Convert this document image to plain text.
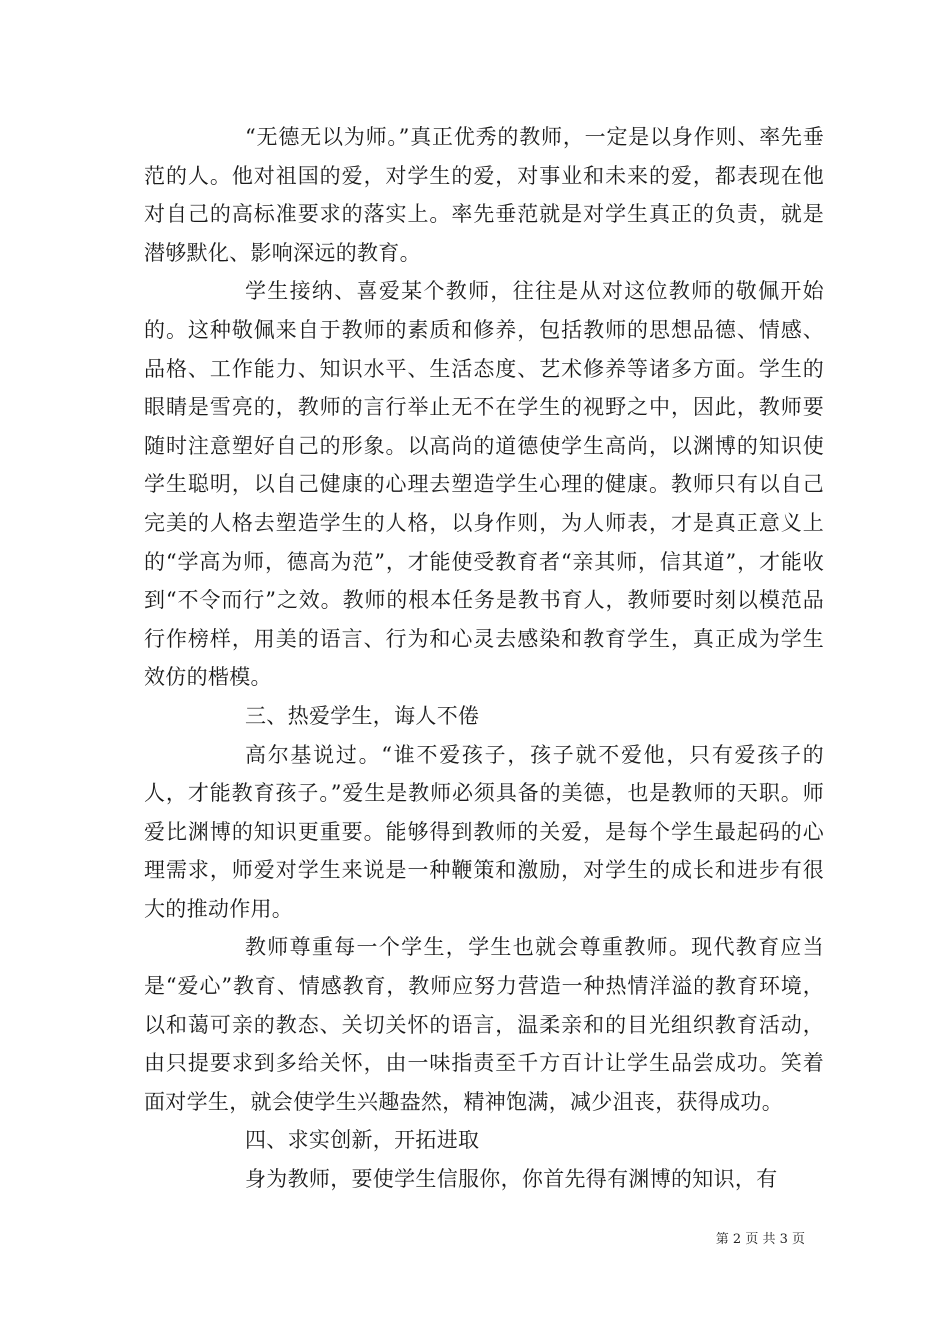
“无德无以为师。”真正优秀的教师，一定是以身作则、率先垂范的人。他对祖国的爱，对学生的爱，对事业和未来的爱，都表现在他对自己的高标准要求的落实上。率先垂范就是对学生真正的负责，就是潜够默化、影响深远的教育。

学生接纳、喜爱某个教师，往往是从对这位教师的敬佩开始的。这种敬佩来自于教师的素质和修养，包括教师的思想品德、情感、品格、工作能力、知识水平、生活态度、艺术修养等诸多方面。学生的眼睛是雪亮的，教师的言行举止无不在学生的视野之中，因此，教师要随时注意塑好自己的形象。以高尚的道德使学生高尚，以渊博的知识使学生聪明，以自己健康的心理去塑造学生心理的健康。教师只有以自己完美的人格去塑造学生的人格，以身作则，为人师表，才是真正意义上的“学高为师，德高为范”，才能使受教育者“亲其师，信其道”，才能收到“不令而行”之效。教师的根本任务是教书育人，教师要时刻以模范品行作榜样，用美的语言、行为和心灵去感染和教育学生，真正成为学生效仿的楷模。

三、热爱学生，诲人不倦

高尔基说过。“谁不爱孩子，孩子就不爱他，只有爱孩子的人，才能教育孩子。”爱生是教师必须具备的美德，也是教师的天职。师爱比渊博的知识更重要。能够得到教师的关爱，是每个学生最起码的心理需求，师爱对学生来说是一种鞭策和激励，对学生的成长和进步有很大的推动作用。

教师尊重每一个学生，学生也就会尊重教师。现代教育应当是“爱心”教育、情感教育，教师应努力营造一种热情洋溢的教育环境，以和蔼可亲的教态、关切关怀的语言，温柔亲和的目光组织教育活动，由只提要求到多给关怀，由一味指责至千方百计让学生品尝成功。笑着面对学生，就会使学生兴趣盎然，精神饱满，减少沮丧，获得成功。

四、求实创新，开拓进取

身为教师，要使学生信服你，你首先得有渊博的知识，有

第 2 页 共 3 页
